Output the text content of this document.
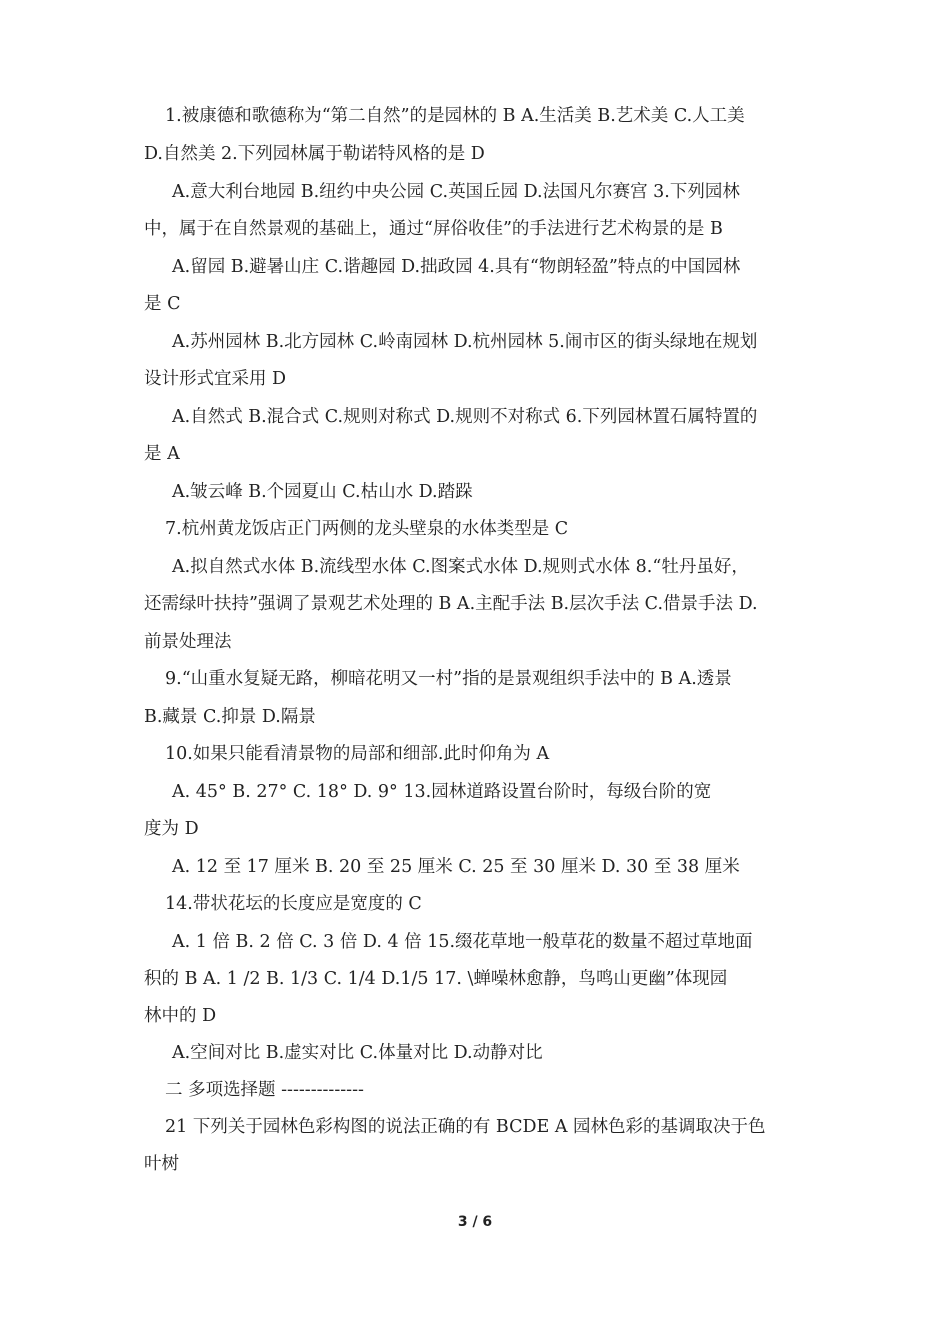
1.被康德和歌德称为“第二自然”的是园林的 B A.生活美 B.艺术美 C.人工美

D.自然美 2.下列园林属于勒诺特风格的是 D

A.意大利台地园 B.纽约中央公园 C.英国丘园 D.法国凡尔赛宫 3.下列园林

中，属于在自然景观的基础上，通过“屏俗收佳”的手法进行艺术构景的是 B

A.留园 B.避暑山庄 C.谐趣园 D.拙政园 4.具有“物朗轻盈”特点的中国园林

是 C

A.苏州园林 B.北方园林 C.岭南园林 D.杭州园林 5.闹市区的街头绿地在规划

设计形式宜采用 D

A.自然式 B.混合式 C.规则对称式 D.规则不对称式 6.下列园林置石属特置的

是 A

A.皱云峰 B.个园夏山 C.枯山水 D.踏跺

7.杭州黄龙饭店正门两侧的龙头壁泉的水体类型是 C

A.拟自然式水体 B.流线型水体 C.图案式水体 D.规则式水体 8.“牡丹虽好，

还需绿叶扶持”强调了景观艺术处理的 B A.主配手法 B.层次手法 C.借景手法 D.

前景处理法

9.“山重水复疑无路，柳暗花明又一村”指的是景观组织手法中的 B A.透景

B.藏景 C.抑景 D.隔景

10.如果只能看清景物的局部和细部.此时仰角为 A

A. 45° B. 27° C. 18° D. 9° 13.园林道路设置台阶时，每级台阶的宽

度为 D

A. 12 至 17 厘米 B. 20 至 25 厘米 C. 25 至 30 厘米 D. 30 至 38 厘米

14.带状花坛的长度应是宽度的 C

A. 1 倍 B. 2 倍 C. 3 倍 D. 4 倍 15.缀花草地一般草花的数量不超过草地面

积的 B A. 1 /2 B. 1/3 C. 1/4 D.1/5 17. \蝉噪林愈静，鸟鸣山更幽”体现园

林中的 D

A.空间对比 B.虚实对比 C.体量对比 D.动静对比

二 多项选择题 --------------

21 下列关于园林色彩构图的说法正确的有 BCDE A 园林色彩的基调取决于色

叶树

3 / 6
